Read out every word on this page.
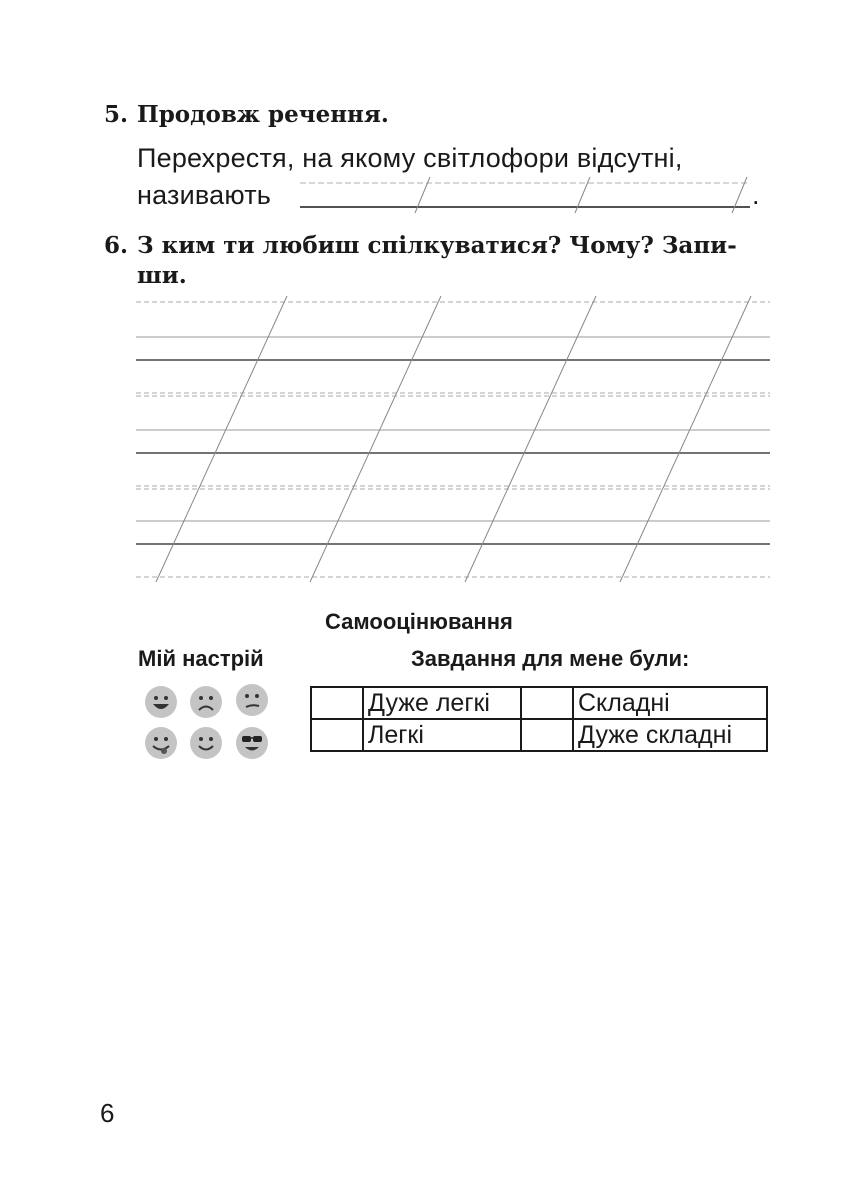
5. Продовж речення.
Перехрестя, на якому світлофори відсутні,
називають	.
6. З ким ти любиш спілкуватися? Чому? Запи-
ши.
Самооцінювання
Мій настрій	Завдання для мене були:
	Дуже легкі		Складні
	Легкі		Дуже складні
6
